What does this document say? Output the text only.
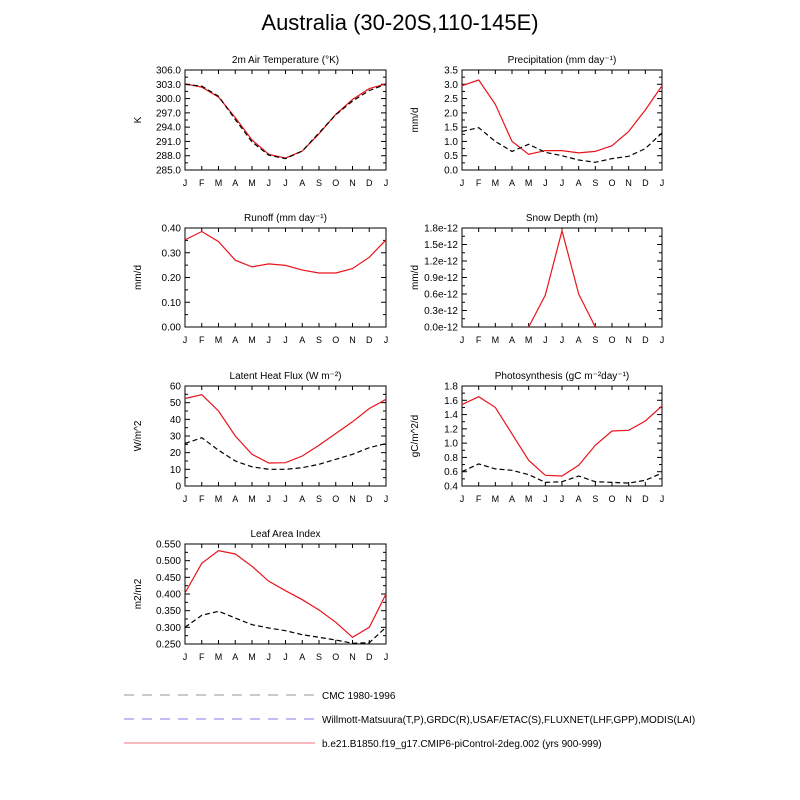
Australia (30-20S,110-145E)
2m Air Temperature (°K)
J F M A M J J A S O N D J
285.0
288.0
291.0
294.0
297.0
300.0
303.0
306.0
K
Precipitation (mm day⁻¹)
J F M A M J J A S O N D J
0.0
0.5
1.0
1.5
2.0
2.5
3.0
3.5
mm/d
Runoff (mm day⁻¹)
J F M A M J J A S O N D J
0.00
0.10
0.20
0.30
0.40
mm/d
Snow Depth (m)
J F M A M J J A S O N D J
0.0e-12
0.3e-12
0.6e-12
0.9e-12
1.2e-12
1.5e-12
1.8e-12
mm/d
Latent Heat Flux (W m⁻²)
J F M A M J J A S O N D J
0
10
20
30
40
50
60
W/m^2
Photosynthesis (gC m⁻²day⁻¹)
J F M A M J J A S O N D J
0.4
0.6
0.8
1.0
1.2
1.4
1.6
1.8
gC/m^2/d
Leaf Area Index
J F M A M J J A S O N D J
0.250
0.300
0.350
0.400
0.450
0.500
0.550
m2/m2
CMC 1980-1996
Willmott-Matsuura(T,P),GRDC(R),USAF/ETAC(S),FLUXNET(LHF,GPP),MODIS(LAI)
b.e21.B1850.f19_g17.CMIP6-piControl-2deg.002 (yrs 900-999)
